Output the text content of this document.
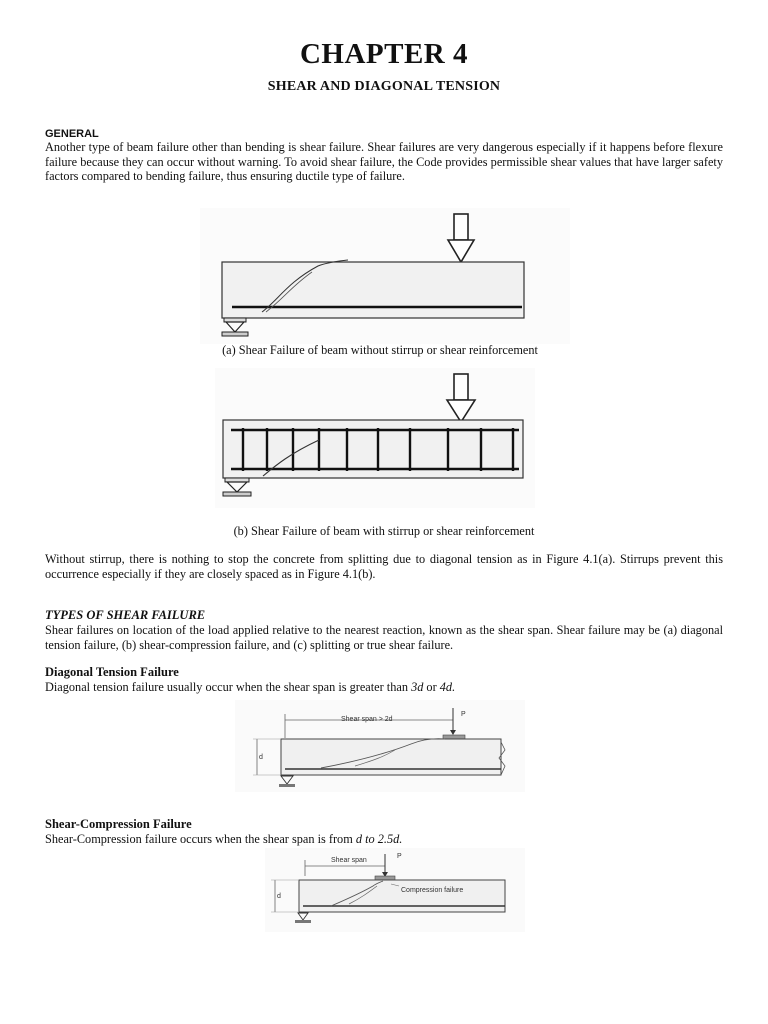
CHAPTER 4
SHEAR AND DIAGONAL TENSION

GENERAL

Another type of beam failure other than bending is shear failure. Shear failures are very dangerous especially if it happens before flexure failure because they can occur without warning. To avoid shear failure, the Code provides permissible shear values that have larger safety factors compared to bending failure, thus ensuring ductile type of failure.

(a) Shear Failure of beam without stirrup or shear reinforcement
(b) Shear Failure of beam with stirrup or shear reinforcement

Without stirrup, there is nothing to stop the concrete from splitting due to diagonal tension as in Figure 4.1(a). Stirrups prevent this occurrence especially if they are closely spaced as in Figure 4.1(b).

TYPES OF SHEAR FAILURE

Shear failures on location of the load applied relative to the nearest reaction, known as the shear span. Shear failure may be (a) diagonal tension failure, (b) shear-compression failure, and (c) splitting or true shear failure.

Diagonal Tension Failure

Diagonal tension failure usually occur when the shear span is greater than 3d or 4d.

Shear span > 2d
P
d

Shear-Compression Failure

Shear-Compression failure occurs when the shear span is from d to 2.5d.

Shear span
P
Compression failure
d
